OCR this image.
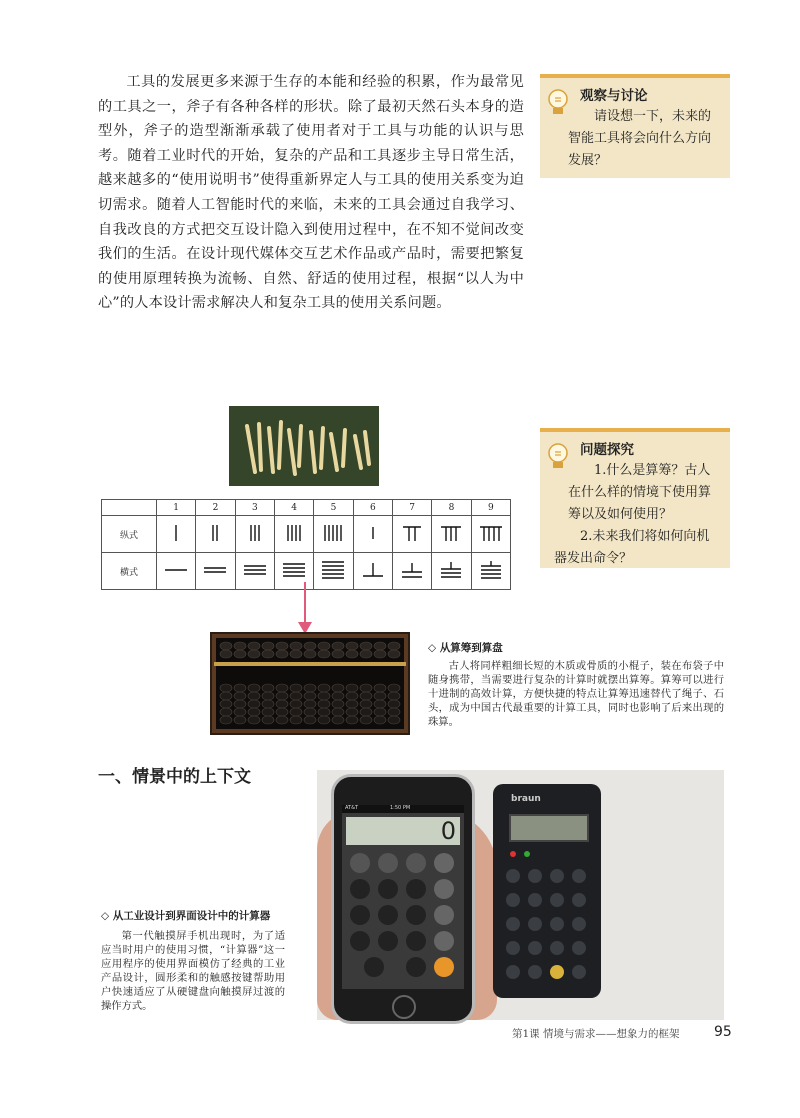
工具的发展更多来源于生存的本能和经验的积累，作为最常见的工具之一，斧子有各种各样的形状。除了最初天然石头本身的造型外，斧子的造型渐渐承载了使用者对于工具与功能的认识与思考。随着工业时代的开始，复杂的产品和工具逐步主导日常生活，越来越多的“使用说明书”使得重新界定人与工具的使用关系变为迫切需求。随着人工智能时代的来临，未来的工具会通过自我学习、自我改良的方式把交互设计隐入到使用过程中，在不知不觉间改变我们的生活。在设计现代媒体交互艺术作品或产品时，需要把繁复的使用原理转换为流畅、自然、舒适的使用过程，根据“以人为中心”的人本设计需求解决人和复杂工具的使用关系问题。
观察与讨论
请设想一下，未来的智能工具将会向什么方向发展？
	1	2	3	4	5	6	7	8	9
纵式									
横式									
问题探究
1.什么是算筹？古人在什么样的情境下使用算筹以及如何使用？
2.未来我们将如何向机器发出命令？
◇ 从算筹到算盘
古人将同样粗细长短的木质或骨质的小棍子，装在布袋子中随身携带，当需要进行复杂的计算时就摆出算筹。算筹可以进行十进制的高效计算，方便快捷的特点让算筹迅速替代了绳子、石头，成为中国古代最重要的计算工具，同时也影响了后来出现的珠算。
一、情景中的上下文
AT&T	1:50 PM
0
braun
◇ 从工业设计到界面设计中的计算器
第一代触摸屏手机出现时，为了适应当时用户的使用习惯，“计算器”这一应用程序的使用界面模仿了经典的工业产品设计，圆形柔和的触感按键帮助用户快速适应了从硬键盘向触摸屏过渡的操作方式。
第1课 情境与需求——想象力的框架 95
